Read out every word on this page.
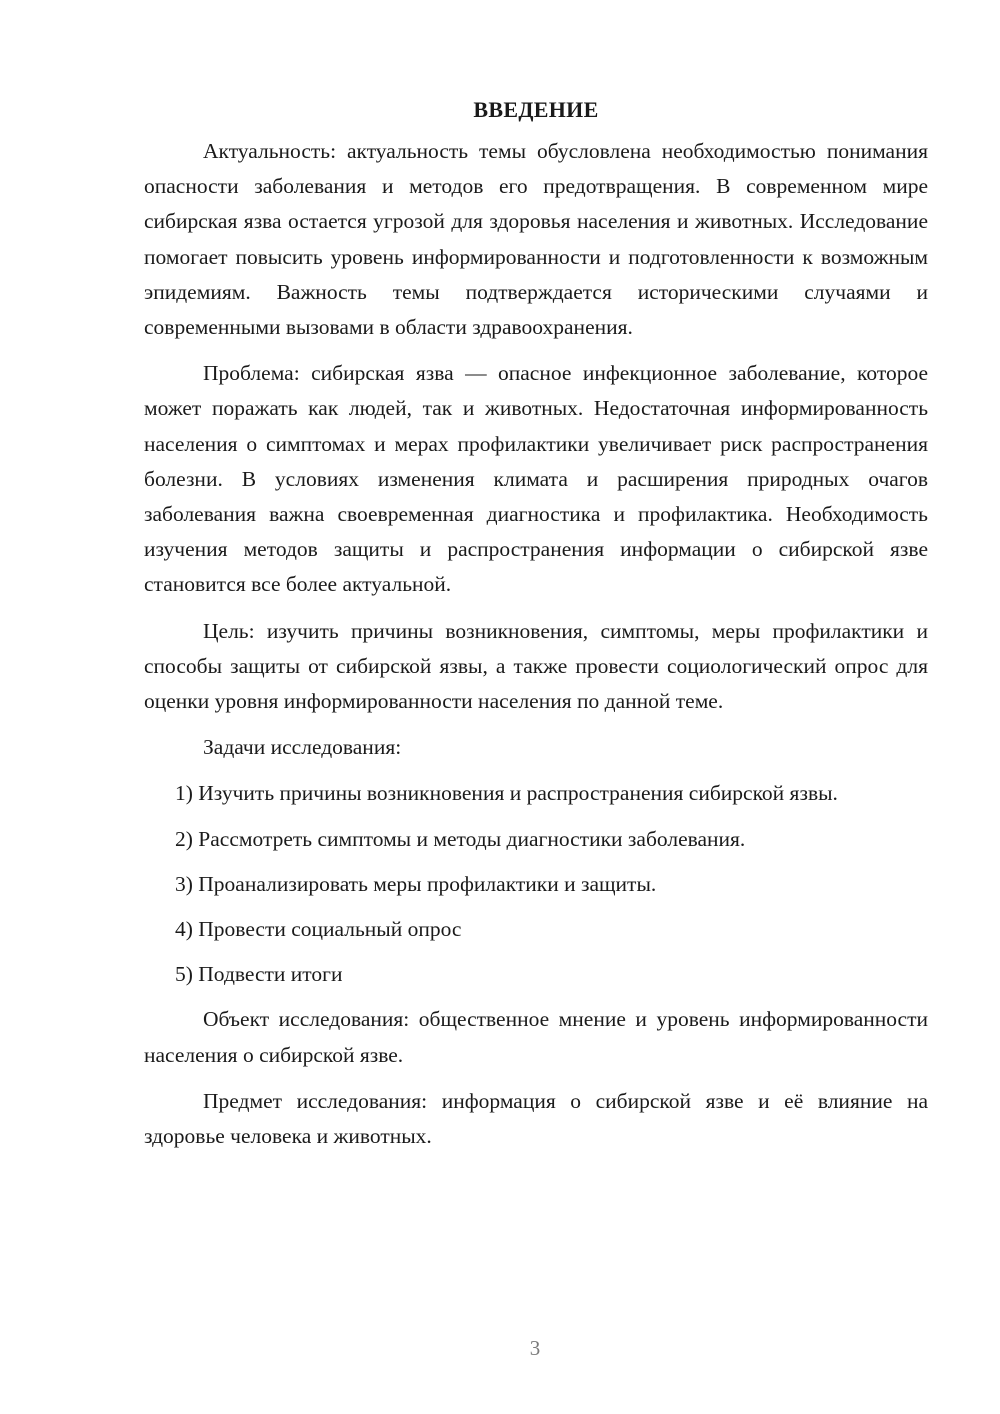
ВВЕДЕНИЕ

Актуальность: актуальность темы обусловлена необходимостью понимания опасности заболевания и методов его предотвращения. В современном мире сибирская язва остается угрозой для здоровья населения и животных. Исследование помогает повысить уровень информированности и подготовленности к возможным эпидемиям. Важность темы подтверждается историческими случаями и современными вызовами в области здравоохранения.

Проблема: сибирская язва — опасное инфекционное заболевание, которое может поражать как людей, так и животных. Недостаточная информированность населения о симптомах и мерах профилактики увеличивает риск распространения болезни. В условиях изменения климата и расширения природных очагов заболевания важна своевременная диагностика и профилактика. Необходимость изучения методов защиты и распространения информации о сибирской язве становится все более актуальной.

Цель: изучить причины возникновения, симптомы, меры профилактики и способы защиты от сибирской язвы, а также провести социологический опрос для оценки уровня информированности населения по данной теме.

Задачи исследования:

1) Изучить причины возникновения и распространения сибирской язвы.

2) Рассмотреть симптомы и методы диагностики заболевания.

3) Проанализировать меры профилактики и защиты.

4) Провести социальный опрос

5) Подвести итоги

Объект исследования: общественное мнение и уровень информированности населения о сибирской язве.

Предмет исследования: информация о сибирской язве и её влияние на здоровье человека и животных.

3
